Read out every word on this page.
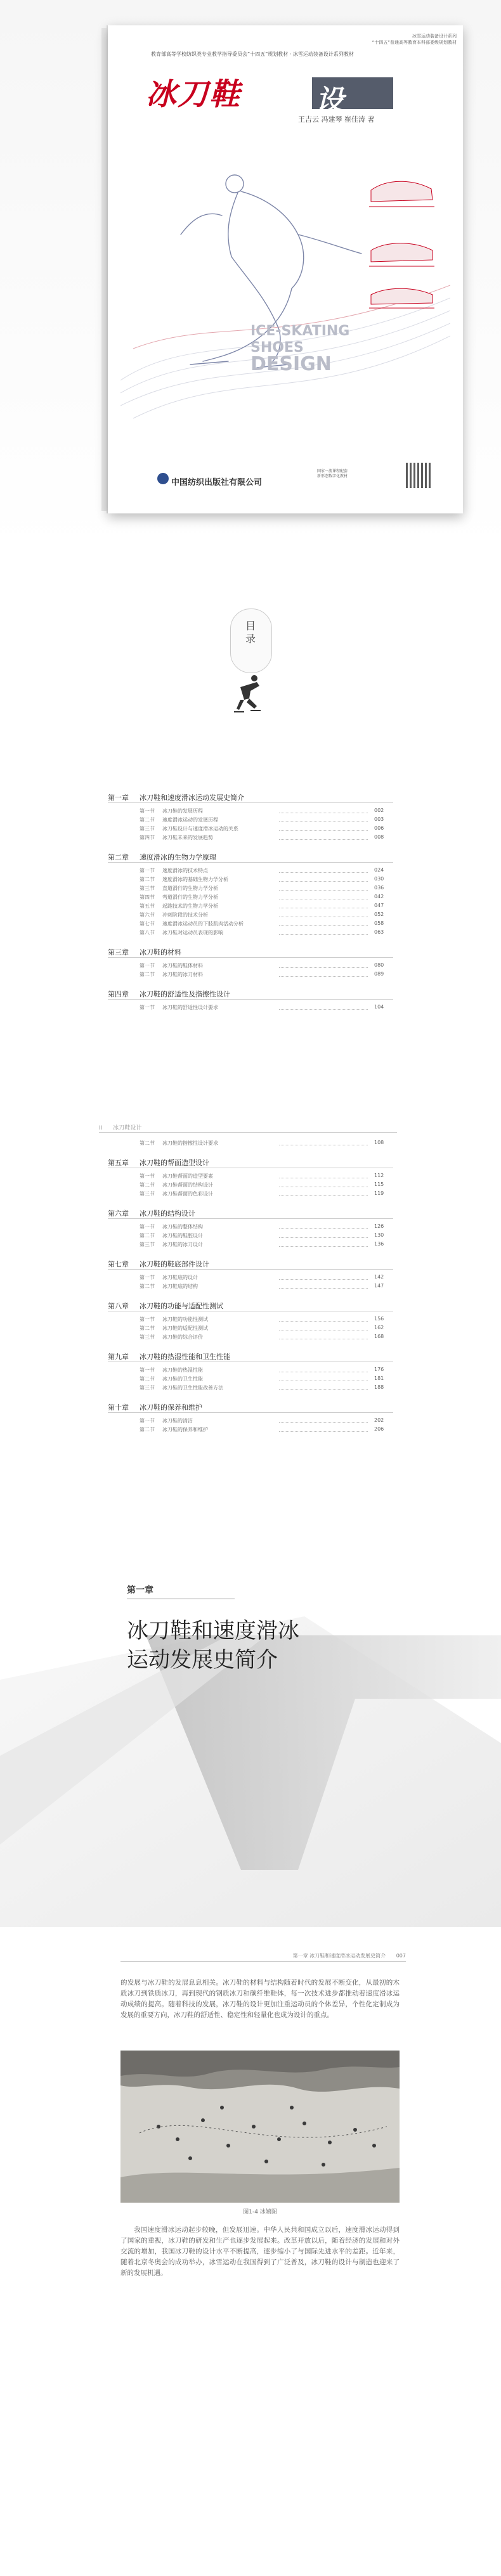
冰雪运动装备设计系列
“十四五”普通高等教育本科部委级规划教材
教育部高等学校纺织类专业教学指导委员会“十四五”规划教材 · 冰雪运动装备设计系列教材
冰刀鞋	设计
王吉云 冯建琴 崔佳涛 著
ICE-SKATING
SHOES
DESIGN
中国纺织出版社有限公司
国家一流课程配套
新形态数字化教材
目录
第一章 冰刀鞋和速度滑冰运动发展史简介
第一节 冰刀鞋的发展历程	002
第二节 速度滑冰运动的发展历程	003
第三节 冰刀鞋设计与速度滑冰运动的关系	006
第四节 冰刀鞋未来的发展趋势	008
第二章 速度滑冰的生物力学原理
第一节 速度滑冰的技术特点	024
第二节 速度滑冰的基础生物力学分析	030
第三节 直道滑行的生物力学分析	036
第四节 弯道滑行的生物力学分析	042
第五节 起跑技术的生物力学分析	047
第六节 冲刺阶段的技术分析	052
第七节 速度滑冰运动员的下肢肌肉活动分析	058
第八节 冰刀鞋对运动员表现的影响	063
第三章 冰刀鞋的材料
第一节 冰刀鞋的鞋体材料	080
第二节 冰刀鞋的冰刀材料	089
第四章 冰刀鞋的舒适性及揩擦性设计
第一节 冰刀鞋的舒适性设计要求	104
II 冰刀鞋设计
第二节 冰刀鞋的揩擦性设计要求	108
第五章 冰刀鞋的帮面造型设计
第一节 冰刀鞋帮面的造型要素	112
第二节 冰刀鞋帮面的结构设计	115
第三节 冰刀鞋帮面的色彩设计	119
第六章 冰刀鞋的结构设计
第一节 冰刀鞋的整体结构	126
第二节 冰刀鞋的鞋腔设计	130
第三节 冰刀鞋的冰刀设计	136
第七章 冰刀鞋的鞋底部件设计
第一节 冰刀鞋底的设计	142
第二节 冰刀鞋底的结构	147
第八章 冰刀鞋的功能与适配性测试
第一节 冰刀鞋的功能性测试	156
第二节 冰刀鞋的适配性测试	162
第三节 冰刀鞋的综合评价	168
第九章 冰刀鞋的热湿性能和卫生性能
第一节 冰刀鞋的热湿性能	176
第二节 冰刀鞋的卫生性能	181
第三节 冰刀鞋的卫生性能改善方法	188
第十章 冰刀鞋的保养和维护
第一节 冰刀鞋的清洁	202
第二节 冰刀鞋的保养和维护	206
第一章
冰刀鞋和速度滑冰
运动发展史简介
第一章 冰刀鞋和速度滑冰运动发展史简介 007
的发展与冰刀鞋的发展息息相关。冰刀鞋的材料与结构随着时代的发展不断变化，从最初的木质冰刀到铁质冰刀，再到现代的钢质冰刀和碳纤维鞋体，每一次技术进步都推动着速度滑冰运动成绩的提高。随着科技的发展，冰刀鞋的设计更加注重运动员的个体差异，个性化定制成为发展的重要方向，冰刀鞋的舒适性、稳定性和轻量化也成为设计的重点。
图1-4 冰嬉图
我国速度滑冰运动起步较晚，但发展迅速。中华人民共和国成立以后，速度滑冰运动得到了国家的重视，冰刀鞋的研发和生产也逐步发展起来。改革开放以后，随着经济的发展和对外交流的增加，我国冰刀鞋的设计水平不断提高，逐步缩小了与国际先进水平的差距。近年来，随着北京冬奥会的成功举办，冰雪运动在我国得到了广泛普及，冰刀鞋的设计与制造也迎来了新的发展机遇。
